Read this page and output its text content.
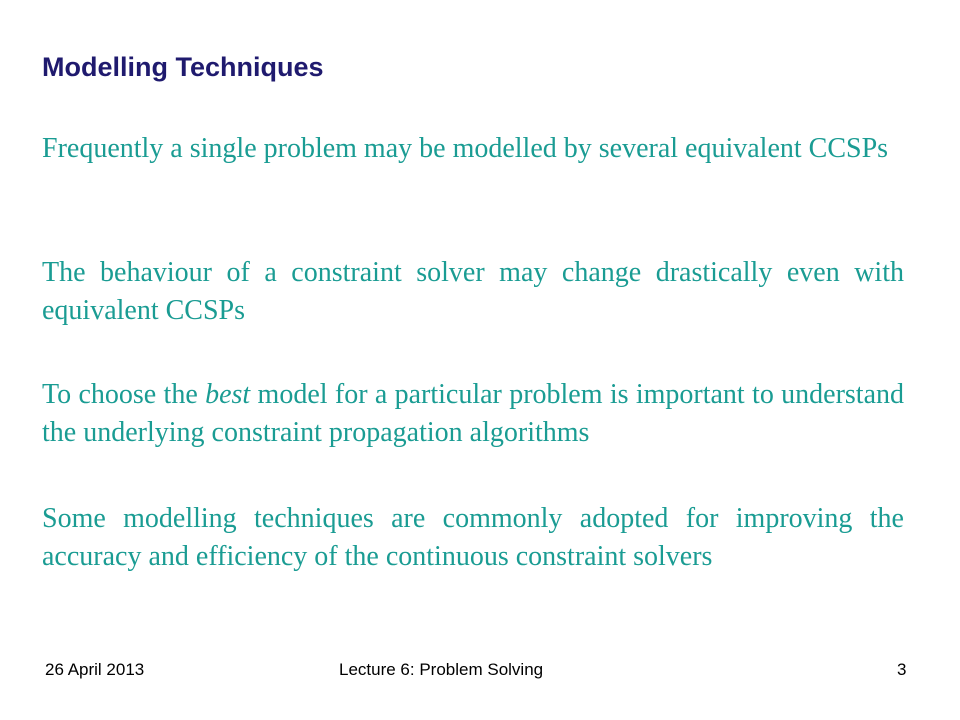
Modelling Techniques

Frequently a single problem may be modelled by several equivalent CCSPs

The behaviour of a constraint solver may change drastically even with equivalent CCSPs

To choose the best model for a particular problem is important to understand the underlying constraint propagation algorithms

Some modelling techniques are commonly adopted for improving the accuracy and efficiency of the continuous constraint solvers

26 April 2013	Lecture 6: Problem Solving	3
